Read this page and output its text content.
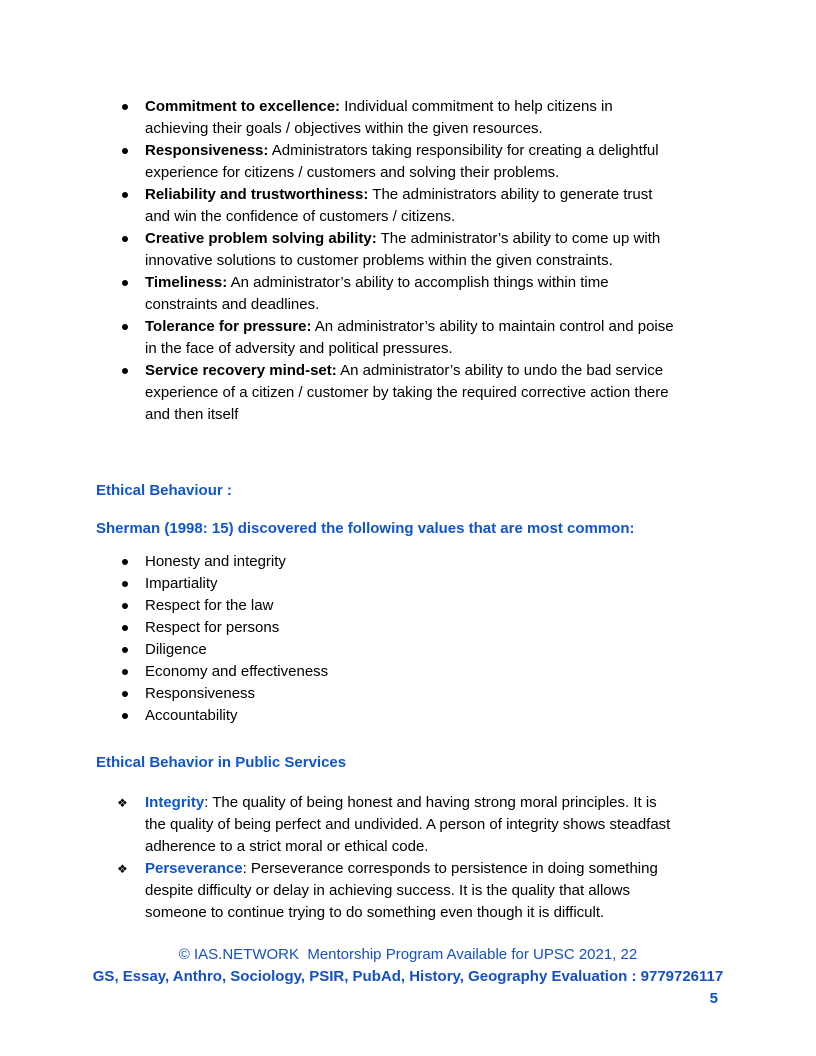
Commitment to excellence: Individual commitment to help citizens in achieving their goals / objectives within the given resources.
Responsiveness: Administrators taking responsibility for creating a delightful experience for citizens / customers and solving their problems.
Reliability and trustworthiness: The administrators ability to generate trust and win the confidence of customers / citizens.
Creative problem solving ability: The administrator’s ability to come up with innovative solutions to customer problems within the given constraints.
Timeliness: An administrator’s ability to accomplish things within time constraints and deadlines.
Tolerance for pressure: An administrator’s ability to maintain control and poise in the face of adversity and political pressures.
Service recovery mind-set: An administrator’s ability to undo the bad service experience of a citizen / customer by taking the required corrective action there and then itself

Ethical Behaviour :

Sherman (1998: 15) discovered the following values that are most common:

Honesty and integrity
Impartiality
Respect for the law
Respect for persons
Diligence
Economy and effectiveness
Responsiveness
Accountability

Ethical Behavior in Public Services

❖ Integrity: The quality of being honest and having strong moral principles. It is the quality of being perfect and undivided. A person of integrity shows steadfast adherence to a strict moral or ethical code.
❖ Perseverance: Perseverance corresponds to persistence in doing something despite difficulty or delay in achieving success. It is the quality that allows someone to continue trying to do something even though it is difficult.
© IAS.NETWORK  Mentorship Program Available for UPSC 2021, 22
GS, Essay, Anthro, Sociology, PSIR, PubAd, History, Geography Evaluation : 9779726117
5
